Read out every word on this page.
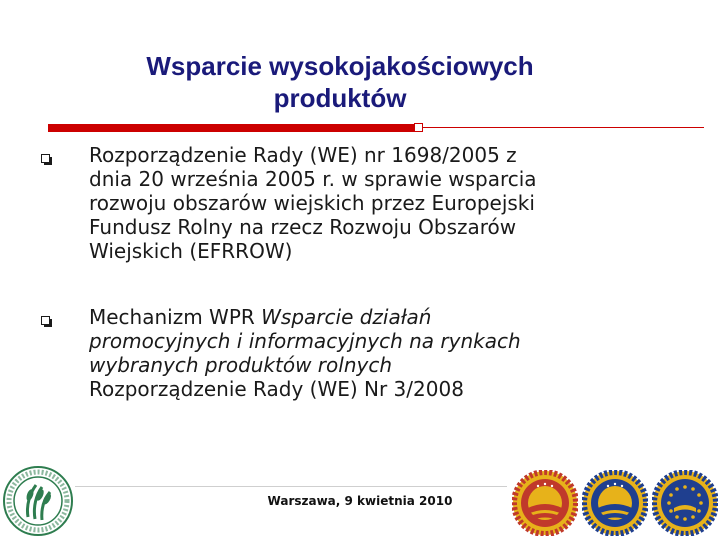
Wsparcie wysokojakościowych
produktów
Rozporządzenie Rady (WE) nr 1698/2005 z
dnia 20 września 2005 r. w sprawie wsparcia
rozwoju obszarów wiejskich przez Europejski
Fundusz Rolny na rzecz Rozwoju Obszarów
Wiejskich (EFRROW)
Mechanizm WPR Wsparcie działań
promocyjnych i informacyjnych na rynkach
wybranych produktów rolnych
Rozporządzenie Rady (WE) Nr 3/2008
Warszawa, 9 kwietnia 2010
